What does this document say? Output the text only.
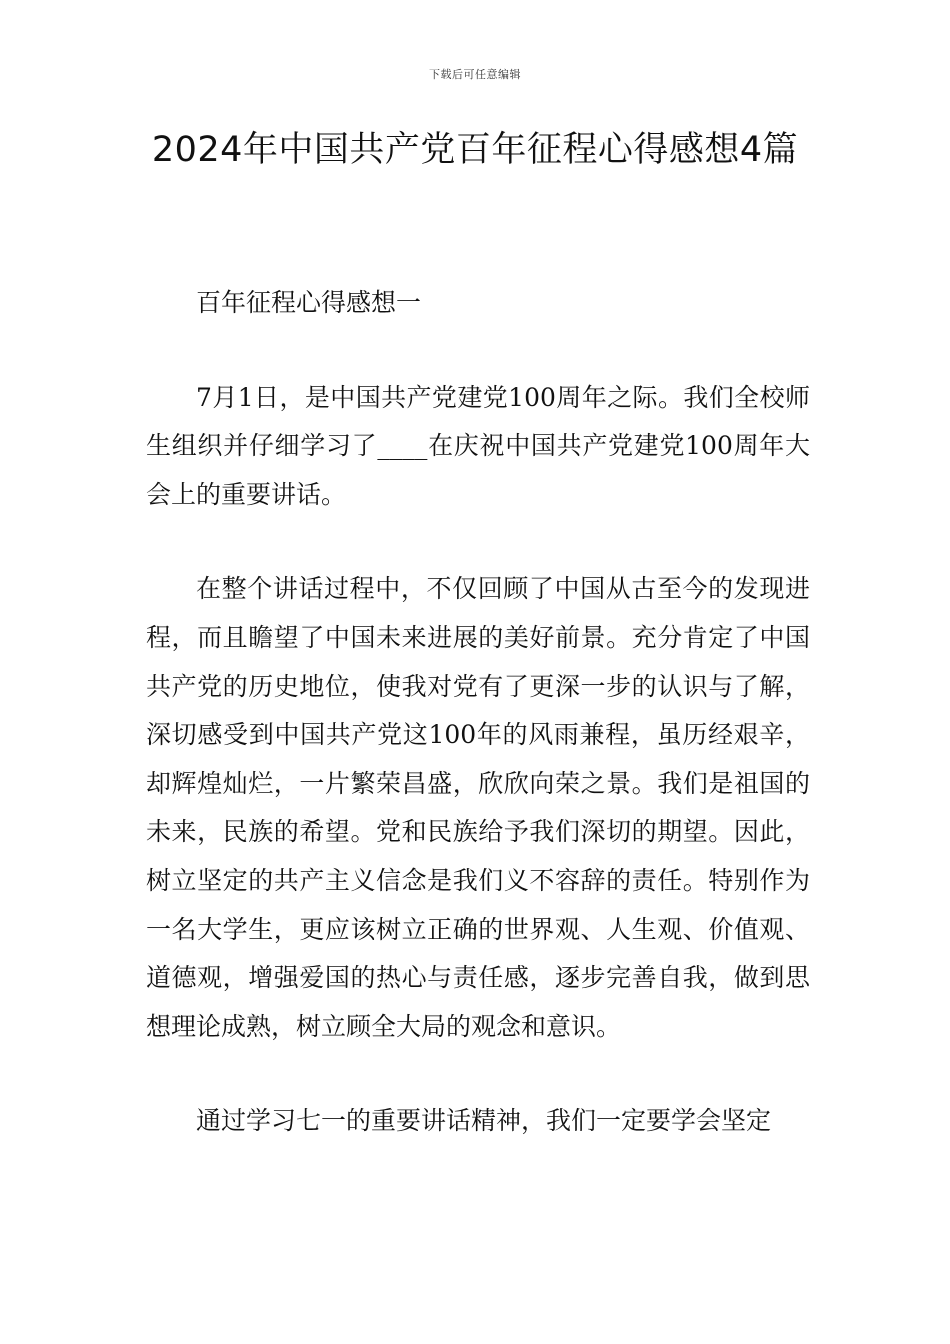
下载后可任意编辑
2024年中国共产党百年征程心得感想4篇

百年征程心得感想一

7月1日，是中国共产党建党100周年之际。我们全校师生组织并仔细学习了____在庆祝中国共产党建党100周年大会上的重要讲话。

在整个讲话过程中，不仅回顾了中国从古至今的发现进程，而且瞻望了中国未来进展的美好前景。充分肯定了中国共产党的历史地位，使我对党有了更深一步的认识与了解，深切感受到中国共产党这100年的风雨兼程，虽历经艰辛，却辉煌灿烂，一片繁荣昌盛，欣欣向荣之景。我们是祖国的未来，民族的希望。党和民族给予我们深切的期望。因此，树立坚定的共产主义信念是我们义不容辞的责任。特别作为一名大学生，更应该树立正确的世界观、人生观、价值观、道德观，增强爱国的热心与责任感，逐步完善自我，做到思想理论成熟，树立顾全大局的观念和意识。

通过学习七一的重要讲话精神，我们一定要学会坚定
